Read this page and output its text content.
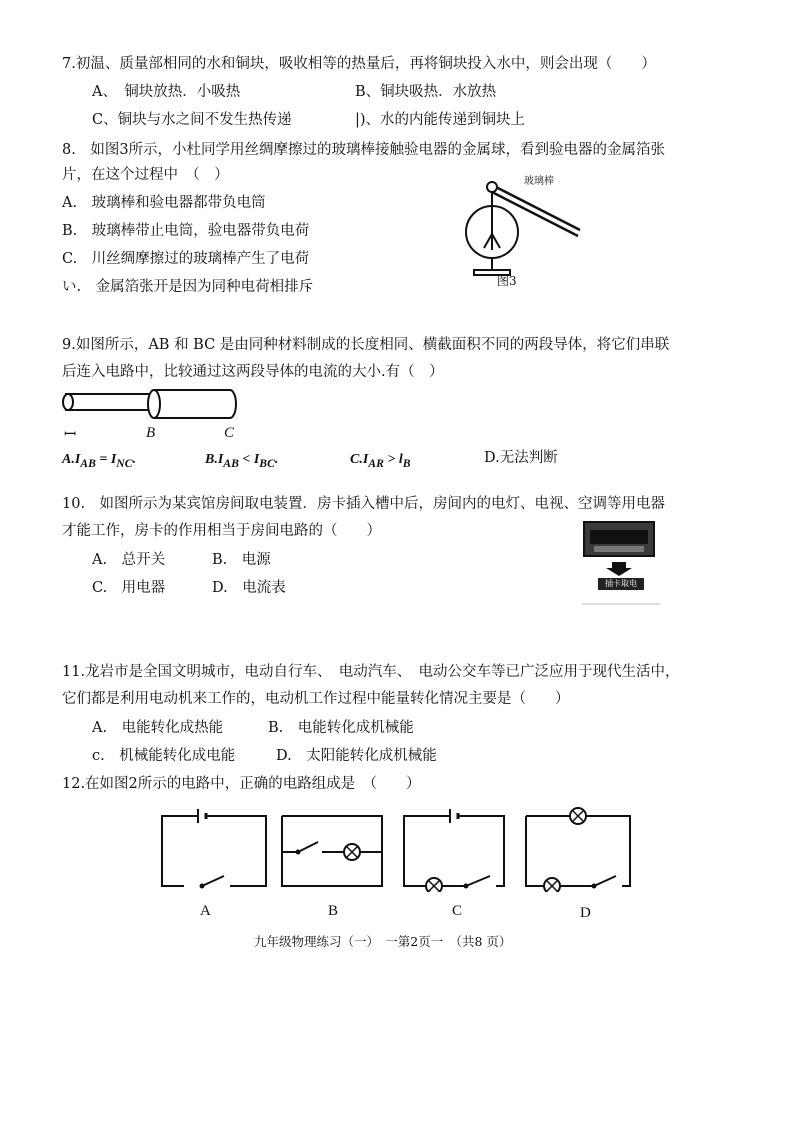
7.初温、质量部相同的水和铜块，吸收相等的热量后，再将铜块投入水中，则会出现（　　）
A、　铜块放热．小吸热	B、铜块吸热．水放热
C、铜块与水之间不发生热传递	|)、水的内能传递到铜块上
8.　如图3所示，小杜同学用丝绸摩擦过的玻璃棒接触验电器的金属球，看到验电器的金属箔张
片，在这个过程中　（　）
A.　玻璃棒和验电器都带负电筒
B.　玻璃棒带止电筒，验电器带负电荷
C.　川丝绸摩擦过的玻璃棒产生了电荷
い.　金属箔张开是因为同种电荷相排斥
玻璃棒
图3
9.如图所示，AB 和 BC 是由同种材料制成的长度相同、横截面积不同的两段导体，将它们串联
后连入电路中，比较通过这两段导体的电流的大小.有（　）
ꟷ	B	C
$A.I_{AB} = I_{NC}$.	$B.I_{AB} < I_{BC}$.	$C.I_{AR} > l_B$	D.无法判断
10.　如图所示为某宾馆房间取电装置．房卡插入槽中后，房间内的电灯、电视、空调等用电器
才能工作，房卡的作用相当于房间电路的（　　）
A.　总开关	B.　电源
C.　用电器	D.　电流表	插卡取电
11.龙岩市是全国文明城市，电动自行车、　电动汽车、　电动公交车等已广泛应用于现代生活中，
它们都是利用电动机来工作的，电动机工作过程中能量转化情况主要是（　　）
A.　电能转化成热能	B.　电能转化成机械能
c.　机械能转化成电能	D.　太阳能转化成机械能
12.在如图2所示的电路中，正确的电路组成是　（　　）
A	B	C	D
九年级物理练习（一）　一第2页一　（共8 页）
